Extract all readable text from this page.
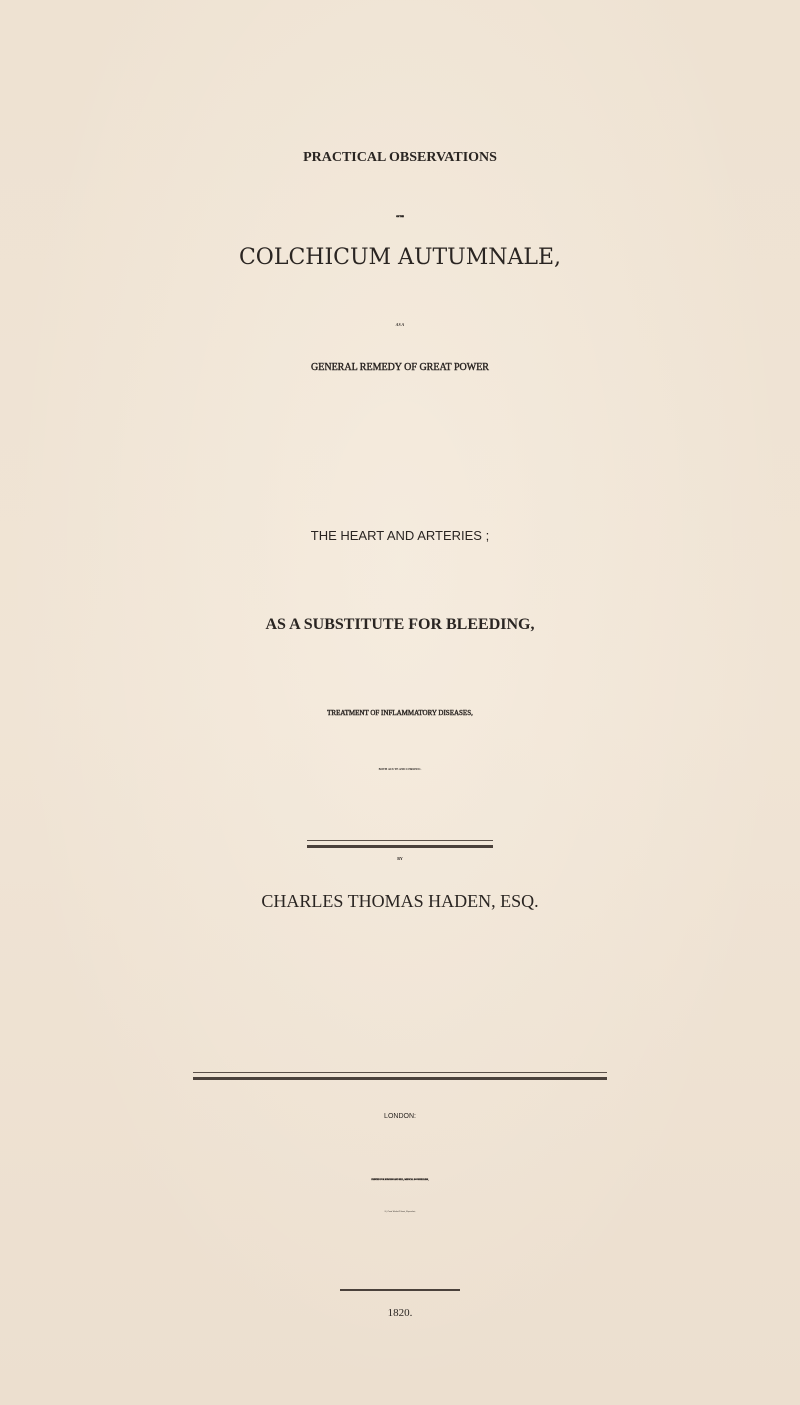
PRACTICAL OBSERVATIONS
ON THE
COLCHICUM AUTUMNALE,
AS A
GENERAL REMEDY OF GREAT POWER
THE HEART AND ARTERIES ;
AS A SUBSTITUTE FOR BLEEDING,
TREATMENT OF INFLAMMATORY DISEASES,
BOTH ACUTE AND CHRONIC.
BY
CHARLES THOMAS HADEN, ESQ.
LONDON:
PRINTED FOR BURGESS AND HILL, MEDICAL BOOKSELLERS,
55, Great Windmill Street, Haymarket;
1820.
